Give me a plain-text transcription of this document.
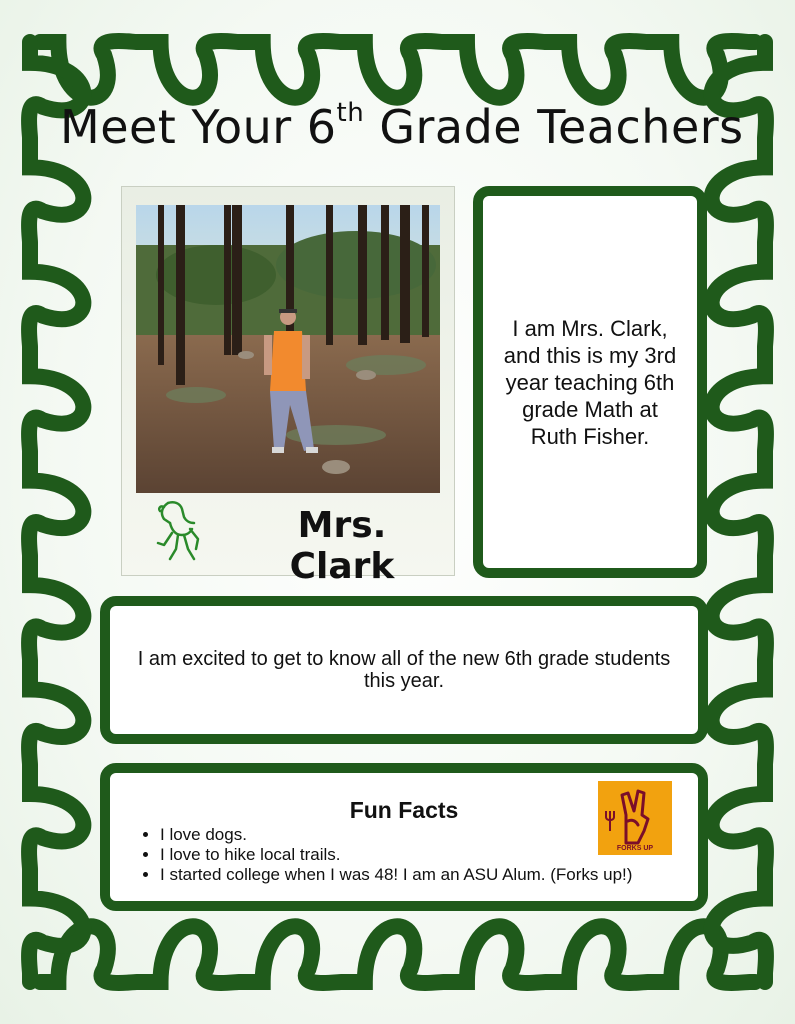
Meet Your 6th Grade Teachers
Mrs. Clark
I am Mrs. Clark, and this is my 3rd year teaching 6th grade Math at Ruth Fisher.
I am excited to get to know all of the new 6th grade students this year.
Fun Facts
• I love dogs.
• I love to hike local trails.
• I started college when I was 48! I am an ASU Alum. (Forks up!)
FORKS UP
